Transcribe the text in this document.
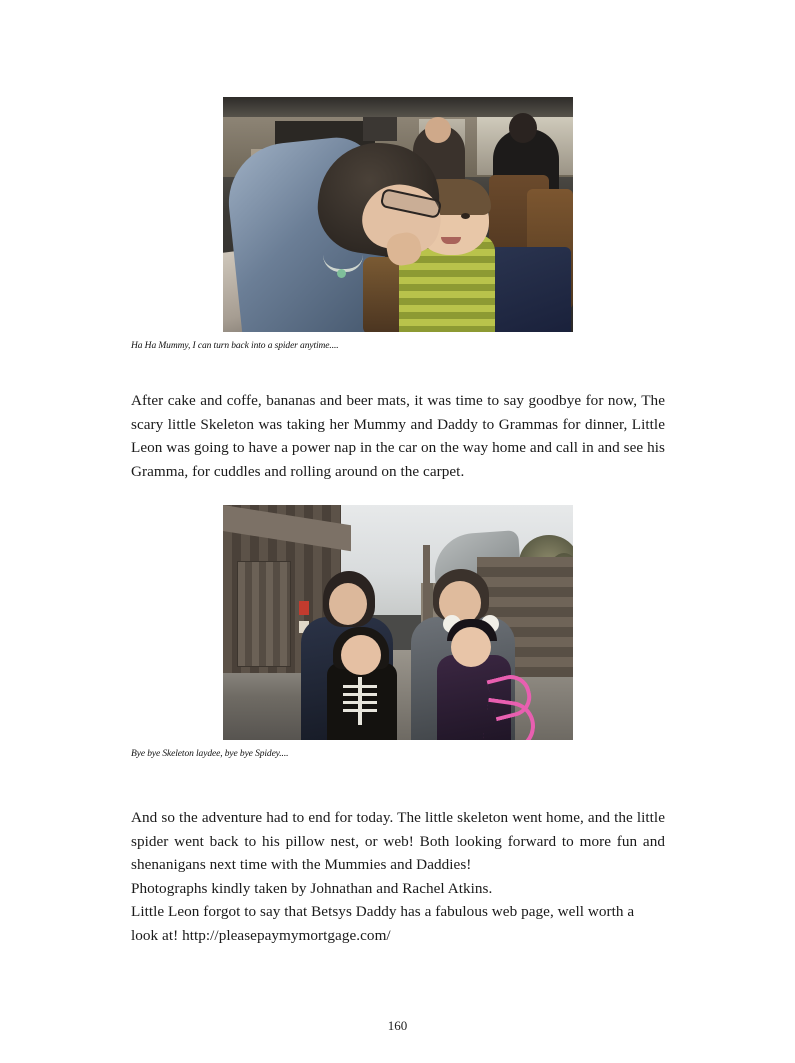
Ha Ha Mummy, I can turn back into a spider anytime....

After cake and coffe, bananas and beer mats, it was time to say goodbye for now, The scary little Skeleton was taking her Mummy and Daddy to Grammas for dinner, Little Leon was going to have a power nap in the car on the way home and call in and see his Gramma, for cuddles and rolling around on the carpet.

Bye bye Skeleton laydee, bye bye Spidey....

And so the adventure had to end for today. The little skeleton went home, and the little spider went back to his pillow nest, or web! Both looking forward to more fun and shenanigans next time with the Mummies and Daddies!

Photographs kindly taken by Johnathan and Rachel Atkins.

Little Leon forgot to say that Betsys Daddy has a fabulous web page, well worth a look at! http://pleasepaymymortgage.com/

160
